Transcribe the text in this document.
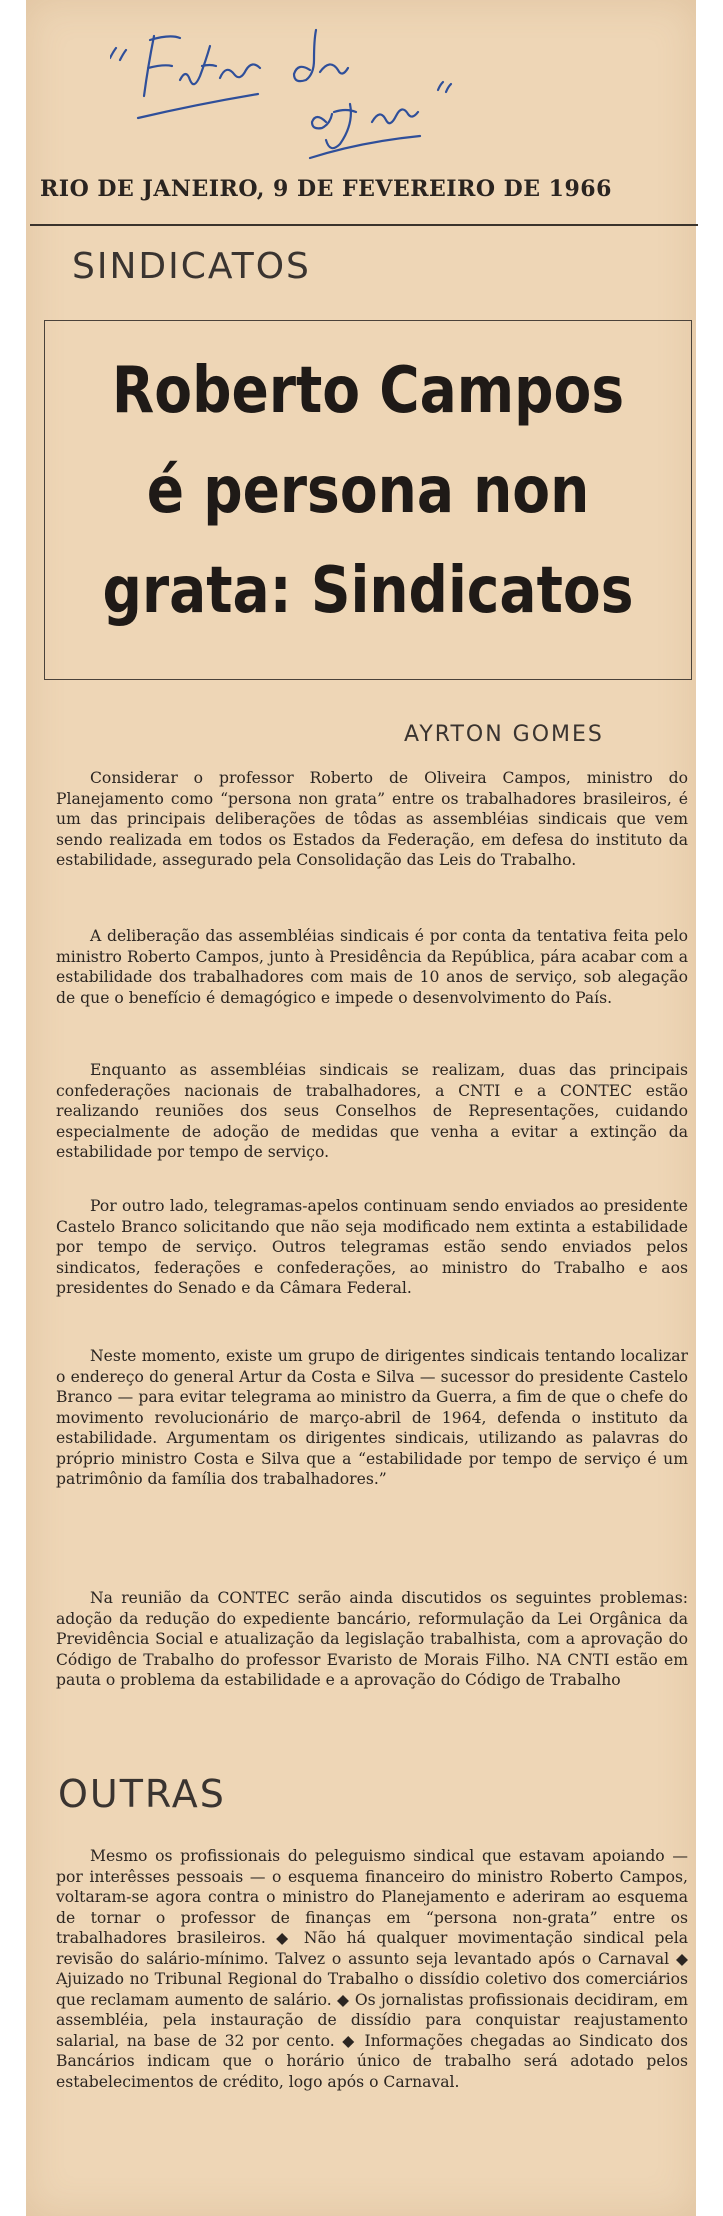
"Folha da Tarde"
RIO DE JANEIRO, 9 DE FEVEREIRO DE 1966
SINDICATOS
Roberto Campos
é persona non
grata: Sindicatos
AYRTON GOMES

Considerar o professor Roberto de Oliveira Campos, ministro do Planejamento como “persona non grata” entre os trabalhadores brasileiros, é um das principais deliberações de tôdas as assembléias sindicais que vem sendo realizada em todos os Estados da Federação, em defesa do instituto da estabilidade, assegurado pela Consolidação das Leis do Trabalho.

A deliberação das assembléias sindicais é por conta da tentativa feita pelo ministro Roberto Campos, junto à Presidência da República, pára acabar com a estabilidade dos trabalhadores com mais de 10 anos de serviço, sob alegação de que o benefício é demagógico e impede o desenvolvimento do País.

Enquanto as assembléias sindicais se realizam, duas das principais confederações nacionais de trabalhadores, a CNTI e a CONTEC estão realizando reuniões dos seus Conselhos de Representações, cuidando especialmente de adoção de medidas que venha a evitar a extinção da estabilidade por tempo de serviço.

Por outro lado, telegramas-apelos continuam sendo enviados ao presidente Castelo Branco solicitando que não seja modificado nem extinta a estabilidade por tempo de serviço. Outros telegramas estão sendo enviados pelos sindicatos, federações e confederações, ao ministro do Trabalho e aos presidentes do Senado e da Câmara Federal.

Neste momento, existe um grupo de dirigentes sindicais tentando localizar o endereço do general Artur da Costa e Silva — sucessor do presidente Castelo Branco — para evitar telegrama ao ministro da Guerra, a fim de que o chefe do movimento revolucionário de março-abril de 1964, defenda o instituto da estabilidade. Argumentam os dirigentes sindicais, utilizando as palavras do próprio ministro Costa e Silva que a “estabilidade por tempo de serviço é um patrimônio da família dos trabalhadores.”

Na reunião da CONTEC serão ainda discutidos os seguintes problemas: adoção da redução do expediente bancário, reformulação da Lei Orgânica da Previdência Social e atualização da legislação trabalhista, com a aprovação do Código de Trabalho do professor Evaristo de Morais Filho. NA CNTI estão em pauta o problema da estabilidade e a aprovação do Código de Trabalho

OUTRAS

Mesmo os profissionais do peleguismo sindical que estavam apoiando — por interêsses pessoais — o esquema financeiro do ministro Roberto Campos, voltaram-se agora contra o ministro do Planejamento e aderiram ao esquema de tornar o professor de finanças em “persona non-grata” entre os trabalhadores brasileiros. ◆ Não há qualquer movimentação sindical pela revisão do salário-mínimo. Talvez o assunto seja levantado após o Carnaval ◆ Ajuizado no Tribunal Regional do Trabalho o dissídio coletivo dos comerciários que reclamam aumento de salário. ◆ Os jornalistas profissionais decidiram, em assembléia, pela instauração de dissídio para conquistar reajustamento salarial, na base de 32 por cento. ◆ Informações chegadas ao Sindicato dos Bancários indicam que o horário único de trabalho será adotado pelos estabelecimentos de crédito, logo após o Carnaval.
